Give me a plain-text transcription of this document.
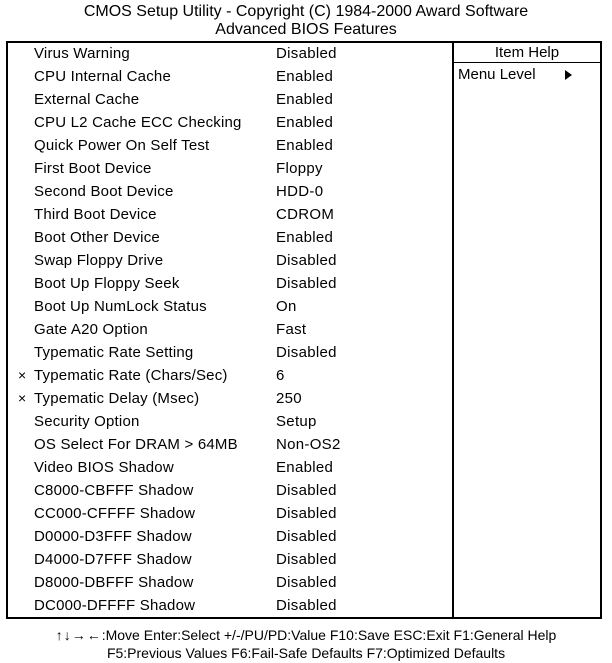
CMOS Setup Utility - Copyright (C) 1984-2000 Award Software
Advanced BIOS Features
Virus Warning	Disabled
CPU Internal Cache	Enabled
External Cache	Enabled
CPU L2 Cache ECC Checking Enabled
Quick Power On Self Test	Enabled
First Boot Device	Floppy
Second Boot Device	HDD-0
Third Boot Device	CDROM
Boot Other Device	Enabled
Swap Floppy Drive	Disabled
Boot Up Floppy Seek	Disabled
Boot Up NumLock Status	On
Gate A20 Option	Fast
Typematic Rate Setting	Disabled
× Typematic Rate (Chars/Sec)	6
× Typematic Delay (Msec)	250
Security Option	Setup
OS Select For DRAM > 64MB	Non-OS2
Video BIOS Shadow	Enabled
C8000-CBFFF Shadow	Disabled
CC000-CFFFF Shadow	Disabled
D0000-D3FFF Shadow	Disabled
D4000-D7FFF Shadow	Disabled
D8000-DBFFF Shadow	Disabled
DC000-DFFFF Shadow	Disabled
Item Help
Menu Level
↑↓→←:Move Enter:Select +/-/PU/PD:Value F10:Save ESC:Exit F1:General Help
F5:Previous Values F6:Fail-Safe Defaults F7:Optimized Defaults
